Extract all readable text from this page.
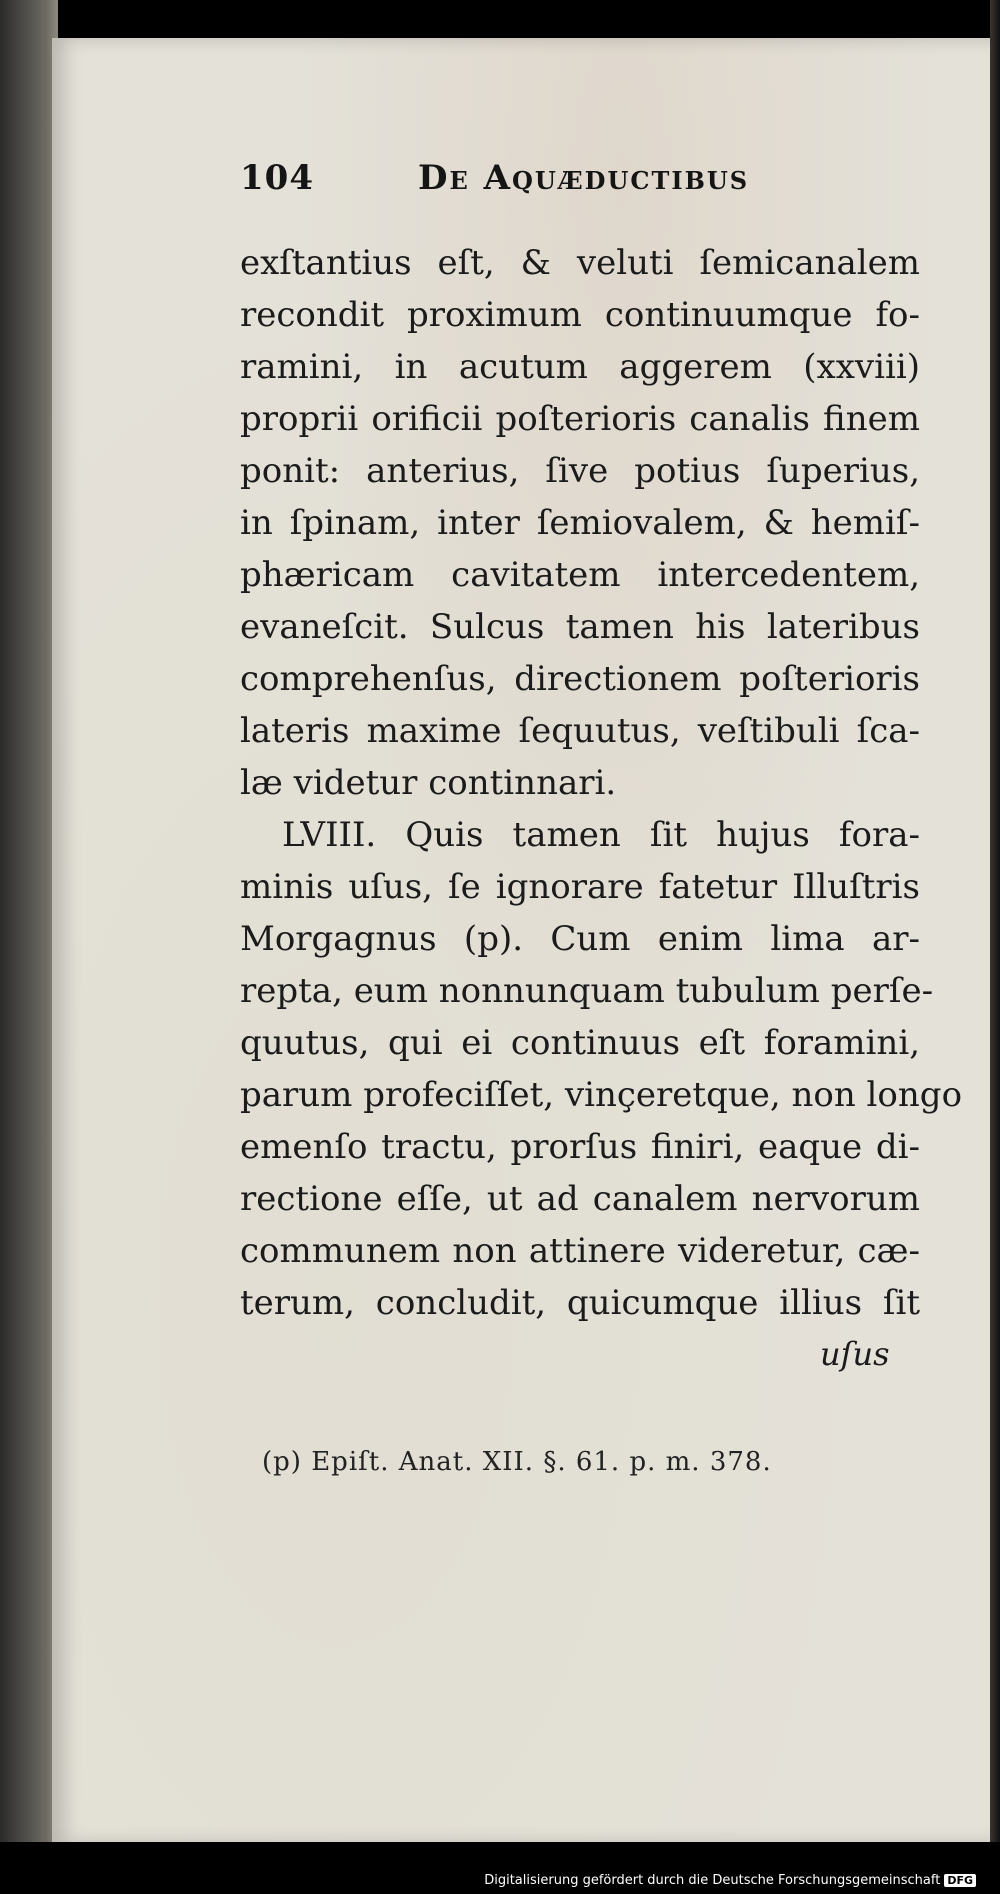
104	De Aquæductibus
exſtantius eſt, & veluti ſemicanalem
recondit proximum continuumque fo-
ramini, in acutum aggerem (xxviii)
proprii orificii poſterioris canalis finem
ponit: anterius, ſive potius ſuperius,
in ſpinam, inter ſemiovalem, & hemiſ-
phæricam cavitatem intercedentem,
evaneſcit. Sulcus tamen his lateribus
comprehenſus, directionem poſterioris
lateris maxime ſequutus, veſtibuli ſca-
læ videtur continnari.
LVIII. Quis tamen ſit hujus fora-
minis uſus, ſe ignorare fatetur Illuſtris
Morgagnus (p). Cum enim lima ar-
repta, eum nonnunquam tubulum perſe-
quutus, qui ei continuus eſt foramini,
parum profeciſſet, vinçeretque, non longo
emenſo tractu, prorſus finiri, eaque di-
rectione eſſe, ut ad canalem nervorum
communem non attinere videretur, cæ-
terum, concludit, quicumque illius ſit
uſus
(p) Epiſt. Anat. XII. §. 61. p. m. 378.
Digitalisierung gefördert durch die Deutsche Forschungsgemeinschaft DFG
